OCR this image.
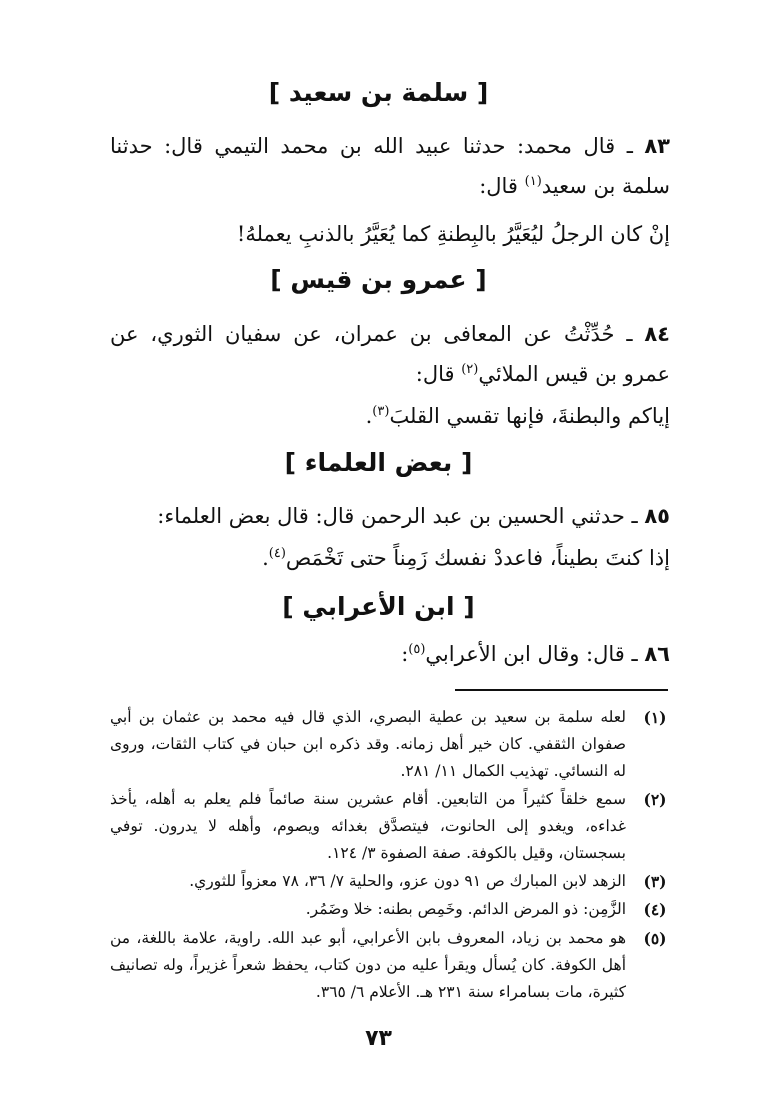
[ سلمة بن سعيد ]
٨٣ ـ قال محمد: حدثنا عبيد الله بن محمد التيمي قال: حدثنا سلمة بن سعيد$^{(١)}$ قال:
إنْ كان الرجلُ ليُعَيَّرُ بالبِطنةِ كما يُعَيَّرُ بالذنبِ يعملهُ!
[ عمرو بن قيس ]
٨٤ ـ حُدِّثْتُ عن المعافى بن عمران، عن سفيان الثوري، عن عمرو بن قيس الملائي$^{(٢)}$ قال:
إياكم والبطنةَ، فإنها تقسي القلبَ$^{(٣)}$.
[ بعض العلماء ]
٨٥ ـ حدثني الحسين بن عبد الرحمن قال: قال بعض العلماء:
إذا كنتَ بطيناً، فاعددْ نفسك زَمِناً حتى تَخْمَص$^{(٤)}$.
[ ابن الأعرابي ]
٨٦ ـ قال: وقال ابن الأعرابي$^{(٥)}$:
(١)
لعله سلمة بن سعيد بن عطية البصري، الذي قال فيه محمد بن عثمان بن أبي صفوان الثقفي. كان خير أهل زمانه. وقد ذكره ابن حبان في كتاب الثقات، وروى له النسائي. تهذيب الكمال ١١/ ٢٨١.
(٢)
سمع خلقاً كثيراً من التابعين. أقام عشرين سنة صائماً فلم يعلم به أهله، يأخذ غداءه، ويغدو إلى الحانوت، فيتصدَّق بغدائه ويصوم، وأهله لا يدرون. توفي بسجستان، وقيل بالكوفة. صفة الصفوة ٣/ ١٢٤.
(٣)
الزهد لابن المبارك ص ٩١ دون عزو، والحلية ٧/ ٣٦، ٧٨ معزواً للثوري.
(٤)
الزَّمِن: ذو المرض الدائم. وخَمِص بطنه: خلا وضَمُر.
(٥)
هو محمد بن زياد، المعروف بابن الأعرابي، أبو عبد الله. راوية، علامة باللغة، من أهل الكوفة. كان يُسأل ويقرأ عليه من دون كتاب، يحفظ شعراً غزيراً، وله تصانيف كثيرة، مات بسامراء سنة ٢٣١ هـ. الأعلام ٦/ ٣٦٥.
٧٣
